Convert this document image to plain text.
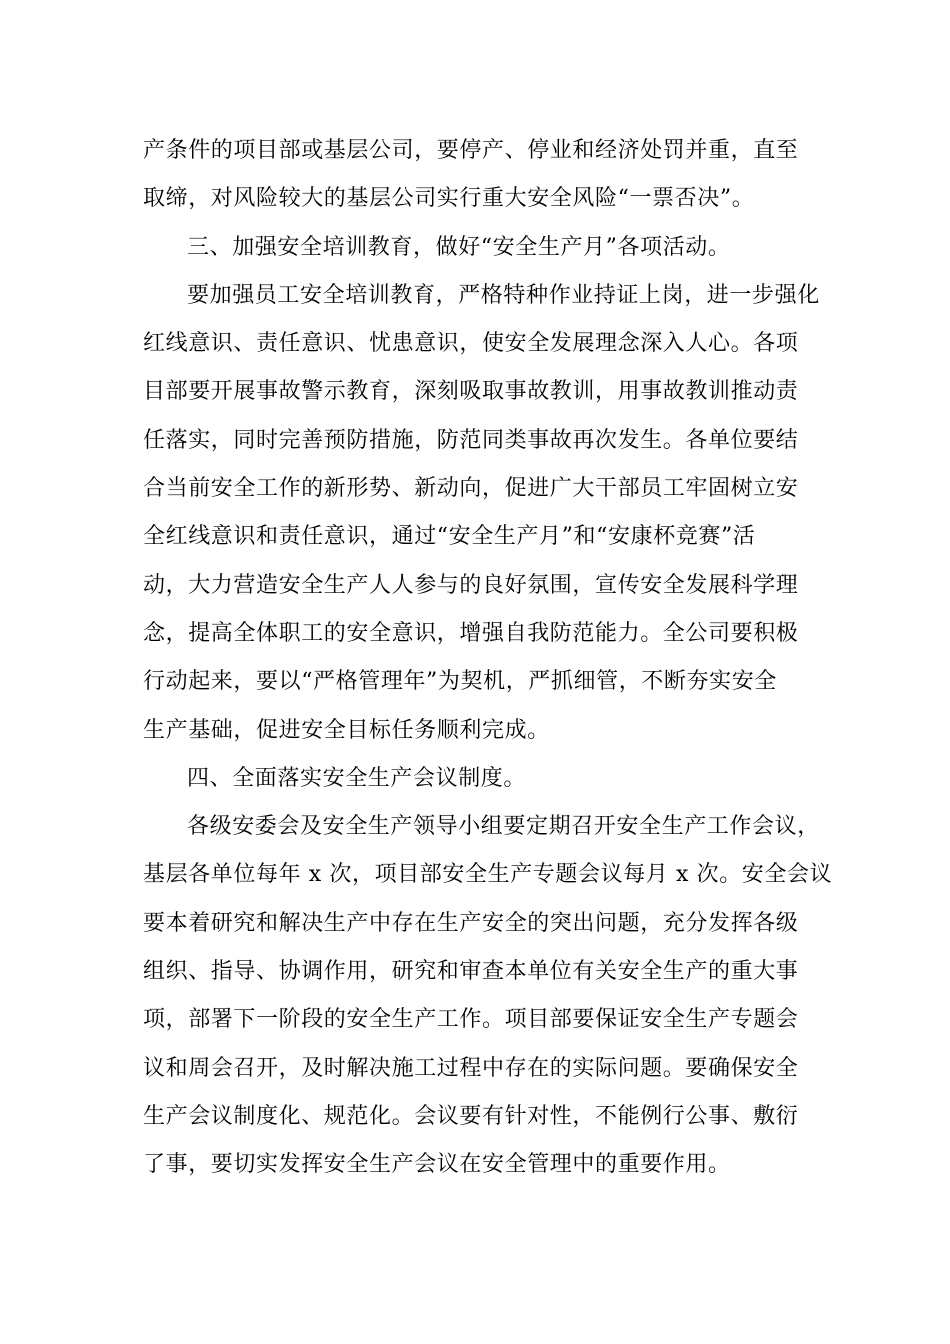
产条件的项目部或基层公司，要停产、停业和经济处罚并重，直至
取缔，对风险较大的基层公司实行重大安全风险“一票否决”。

三、加强安全培训教育，做好“安全生产月”各项活动。

要加强员工安全培训教育，严格特种作业持证上岗，进一步强化
红线意识、责任意识、忧患意识，使安全发展理念深入人心。各项
目部要开展事故警示教育，深刻吸取事故教训，用事故教训推动责
任落实，同时完善预防措施，防范同类事故再次发生。各单位要结
合当前安全工作的新形势、新动向，促进广大干部员工牢固树立安
全红线意识和责任意识，通过“安全生产月”和“安康杯竞赛”活
动，大力营造安全生产人人参与的良好氛围，宣传安全发展科学理
念，提高全体职工的安全意识，增强自我防范能力。全公司要积极
行动起来，要以“严格管理年”为契机，严抓细管，不断夯实安全
生产基础，促进安全目标任务顺利完成。

四、全面落实安全生产会议制度。

各级安委会及安全生产领导小组要定期召开安全生产工作会议，
基层各单位每年 x 次，项目部安全生产专题会议每月 x 次。安全会议
要本着研究和解决生产中存在生产安全的突出问题，充分发挥各级
组织、指导、协调作用，研究和审查本单位有关安全生产的重大事
项，部署下一阶段的安全生产工作。项目部要保证安全生产专题会
议和周会召开，及时解决施工过程中存在的实际问题。要确保安全
生产会议制度化、规范化。会议要有针对性，不能例行公事、敷衍
了事，要切实发挥安全生产会议在安全管理中的重要作用。
